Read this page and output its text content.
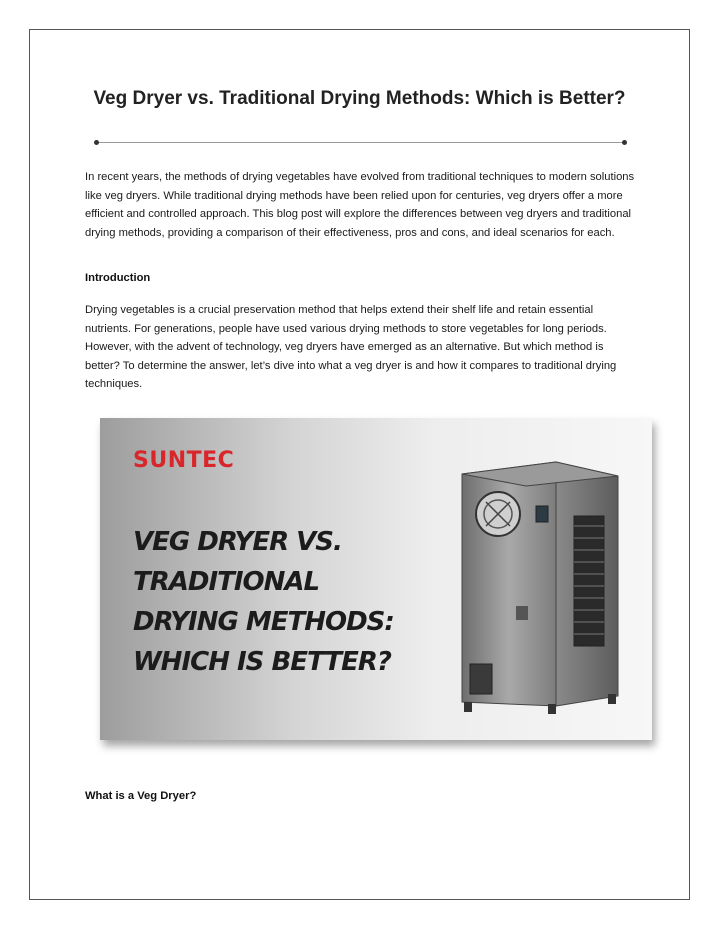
Veg Dryer vs. Traditional Drying Methods: Which is Better?

In recent years, the methods of drying vegetables have evolved from traditional techniques to modern solutions like veg dryers. While traditional drying methods have been relied upon for centuries, veg dryers offer a more efficient and controlled approach. This blog post will explore the differences between veg dryers and traditional drying methods, providing a comparison of their effectiveness, pros and cons, and ideal scenarios for each.

Introduction

Drying vegetables is a crucial preservation method that helps extend their shelf life and retain essential nutrients. For generations, people have used various drying methods to store vegetables for long periods. However, with the advent of technology, veg dryers have emerged as an alternative. But which method is better? To determine the answer, let’s dive into what a veg dryer is and how it compares to traditional drying techniques.

SUNTEC
VEG DRYER VS.
TRADITIONAL
DRYING METHODS:
WHICH IS BETTER?

What is a Veg Dryer?
